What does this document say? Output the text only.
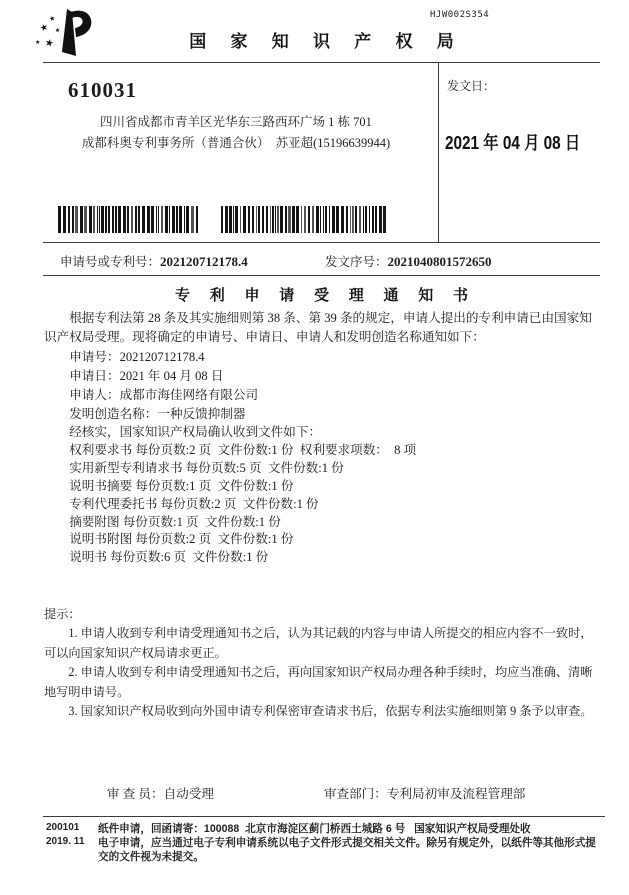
HJW002S354
★
★
★ ★
★
国 家 知 识 产 权 局
610031
四川省成都市青羊区光华东三路西环广场 1 栋 701
成都科奥专利事务所（普通合伙）  苏亚超(15196639944)
发文日：
2021 年 04 月 08 日
申请号或专利号：202120712178.4	发文序号：2021040801572650
专 利 申 请 受 理 通 知 书

根据专利法第 28 条及其实施细则第 38 条、第 39 条的规定，申请人提出的专利申请已由国家知识产权局受理。现将确定的申请号、申请日、申请人和发明创造名称通知如下：

申请号：202120712178.4
申请日：2021 年 04 月 08 日
申请人：成都市海佳网络有限公司
发明创造名称：一种反馈抑制器
经核实，国家知识产权局确认收到文件如下：
权利要求书 每份页数:2 页  文件份数:1 份  权利要求项数：  8 项
实用新型专利请求书 每份页数:5 页  文件份数:1 份
说明书摘要 每份页数:1 页  文件份数:1 份
专利代理委托书 每份页数:2 页  文件份数:1 份
摘要附图 每份页数:1 页  文件份数:1 份
说明书附图 每份页数:2 页  文件份数:1 份
说明书 每份页数:6 页  文件份数:1 份
提示：

1. 申请人收到专利申请受理通知书之后，认为其记载的内容与申请人所提交的相应内容不一致时，可以向国家知识产权局请求更正。

2. 申请人收到专利申请受理通知书之后，再向国家知识产权局办理各种手续时，均应当准确、清晰地写明申请号。

3. 国家知识产权局收到向外国申请专利保密审查请求书后，依据专利法实施细则第 9 条予以审查。

审 查 员：自动受理
	审查部门：专利局初审及流程管理部

200101 纸件申请，回函请寄：100088  北京市海淀区蓟门桥西土城路 6 号   国家知识产权局受理处收
2019. 11 电子申请，应当通过电子专利申请系统以电子文件形式提交相关文件。除另有规定外，以纸件等其他形式提交的文件视为未提交。
